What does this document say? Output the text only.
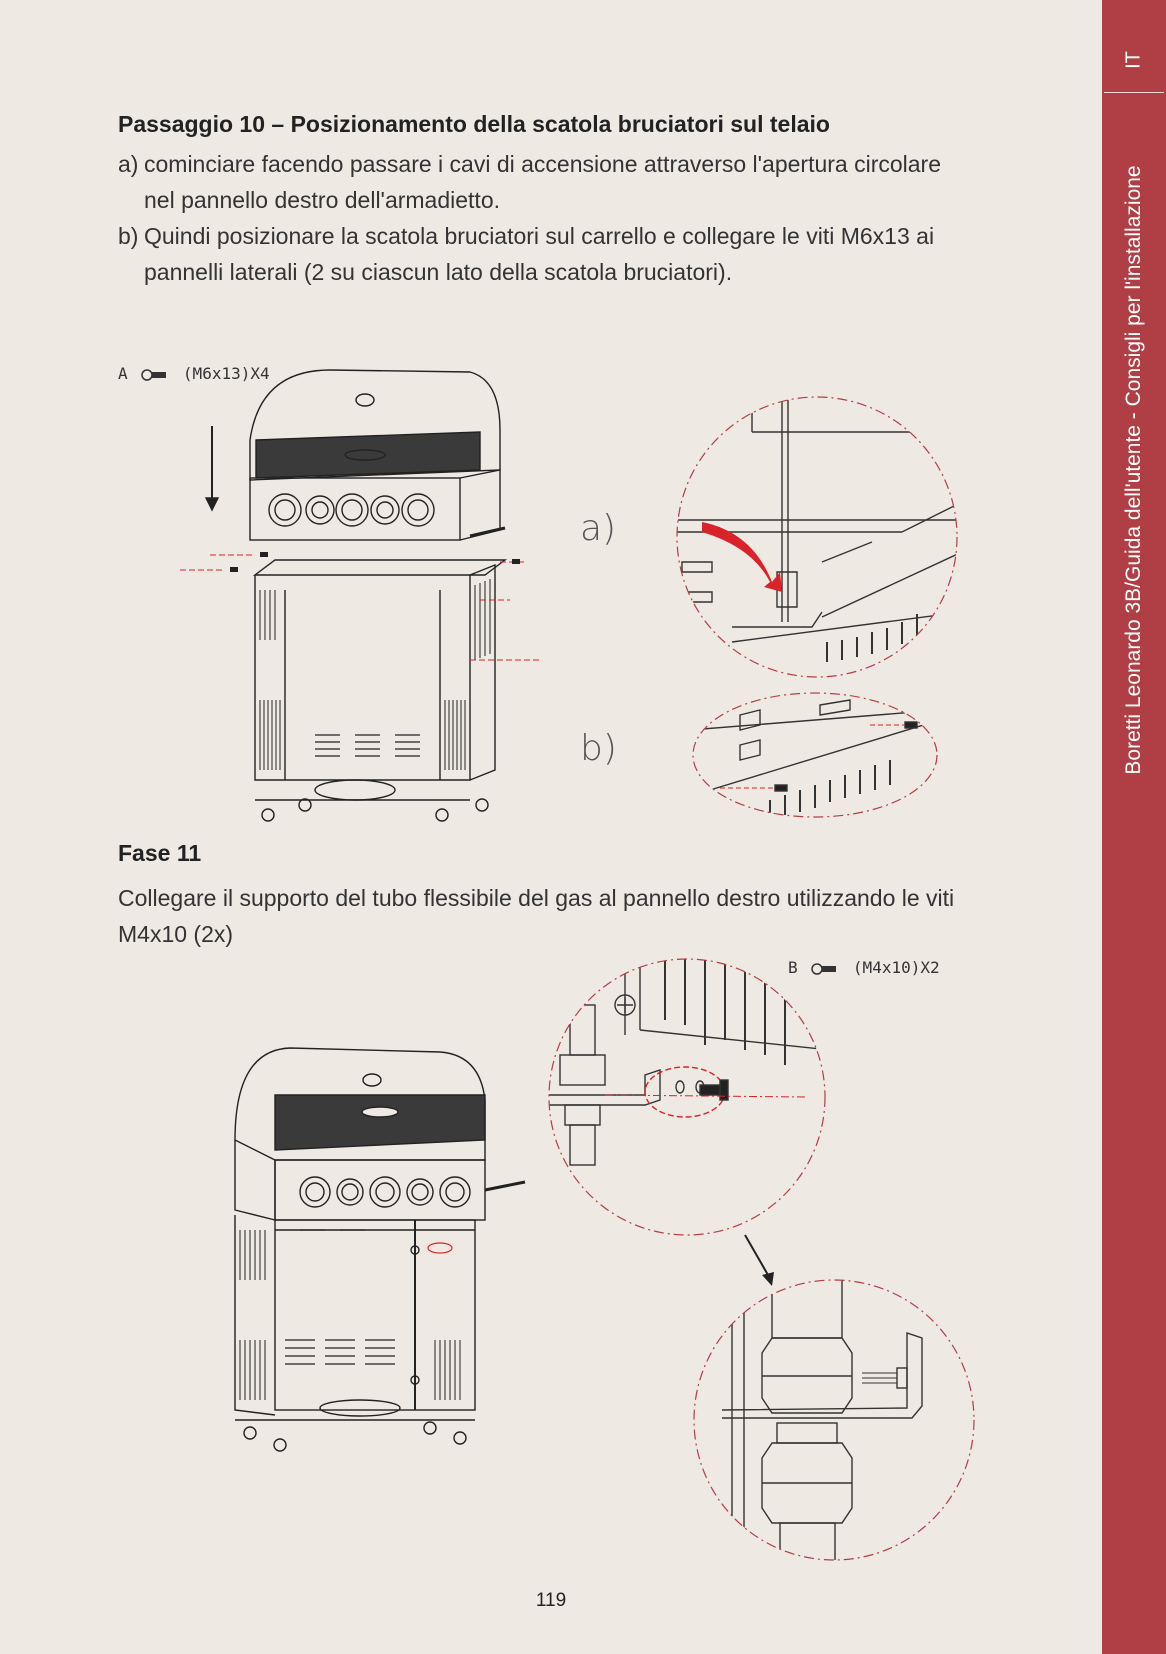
IT
Boretti Leonardo 3B/Guida dell'utente - Consigli per l'installazione
Passaggio 10 – Posizionamento della scatola bruciatori sul telaio
a) cominciare facendo passare i cavi di accensione attraverso l'apertura circolare
nel pannello destro dell'armadietto.
b) Quindi posizionare la scatola bruciatori sul carrello e collegare le viti M6x13 ai
pannelli laterali (2 su ciascun lato della scatola bruciatori).
A	(M6x13)X4
a)
b)
Fase 11
Collegare il supporto del tubo flessibile del gas al pannello destro utilizzando le viti
M4x10 (2x)
B	(M4x10)X2
119
